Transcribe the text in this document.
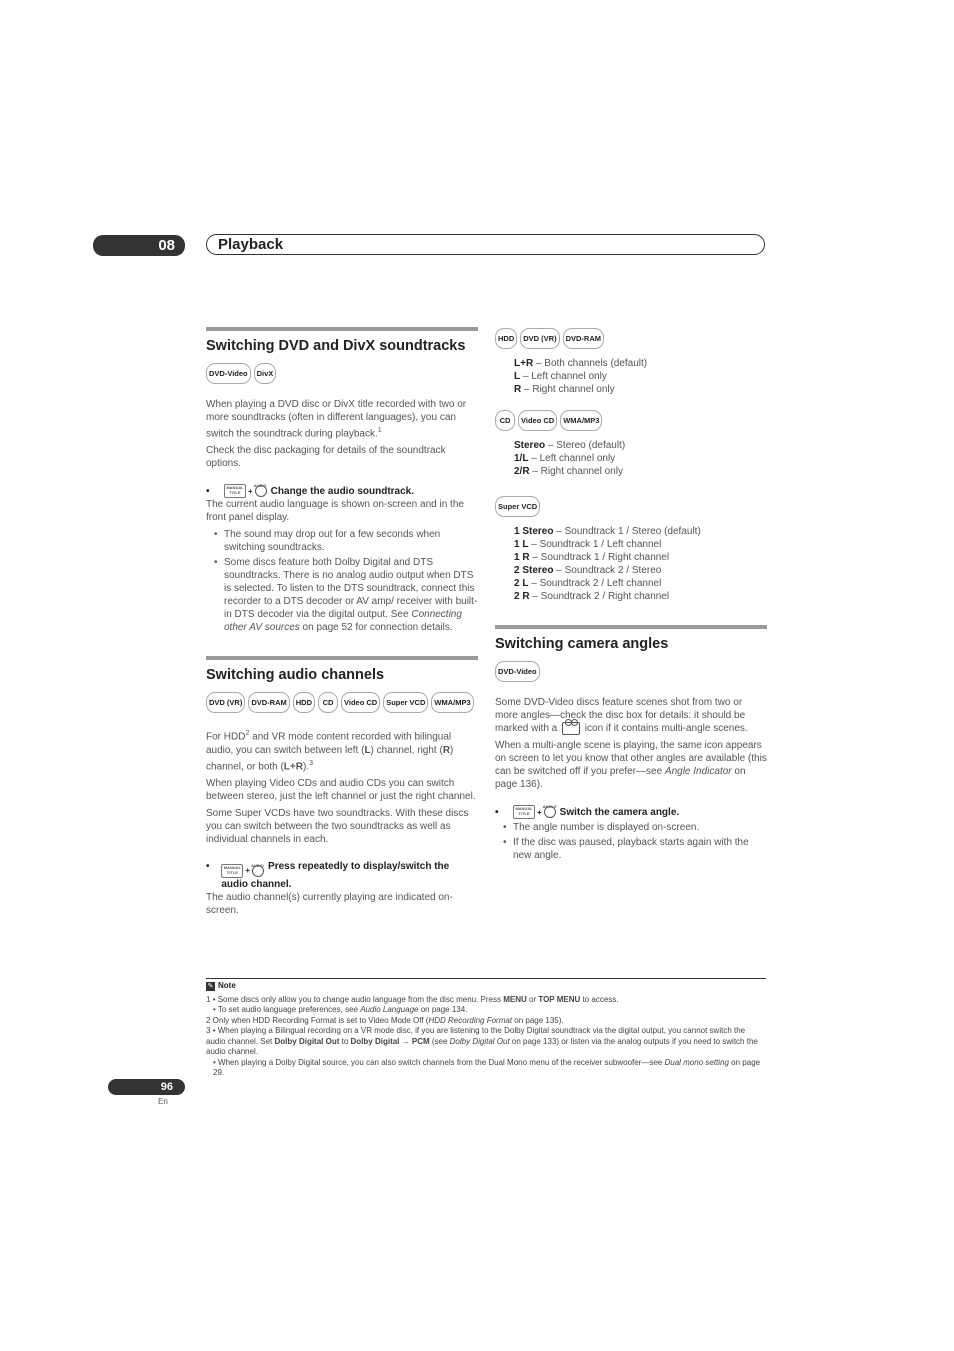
08	Playback
Switching DVD and DivX soundtracks
DVD-Video	DivX

When playing a DVD disc or DivX title recorded with two or more soundtracks (often in different languages), you can switch the soundtrack during playback.$^1$

Check the disc packaging for details of the soundtrack options.

•	MANUAL TITLE +
AUDIO Change the audio soundtrack.

The current audio language is shown on-screen and in the front panel display.

• The sound may drop out for a few seconds when switching soundtracks.
• Some discs feature both Dolby Digital and DTS soundtracks. There is no analog audio output when DTS is selected. To listen to the DTS soundtrack, connect this recorder to a DTS decoder or AV amp/ receiver with built-in DTS decoder via the digital output. See Connecting other AV sources on page 52 for connection details.
Switching audio channels
DVD (VR)	DVD-RAM	HDD	CD	Video CD	Super VCD	WMA/MP3

For HDD$^2$ and VR mode content recorded with bilingual audio, you can switch between left (L) channel, right (R) channel, or both (L+R).$^3$

When playing Video CDs and audio CDs you can switch between stereo, just the left channel or just the right channel.

Some Super VCDs have two soundtracks. With these discs you can switch between the two soundtracks as well as individual channels in each.

•	MANUAL TITLE +
AUDIO Press repeatedly to display/switch the audio channel.

The audio channel(s) currently playing are indicated on-screen.

HDD	DVD (VR)	DVD-RAM
L+R – Both channels (default)
L – Left channel only
R – Right channel only
CD	Video CD	WMA/MP3
Stereo – Stereo (default)
1/L – Left channel only
2/R – Right channel only
Super VCD
1 Stereo – Soundtrack 1 / Stereo (default)
1 L – Soundtrack 1 / Left channel
1 R – Soundtrack 1 / Right channel
2 Stereo – Soundtrack 2 / Stereo
2 L – Soundtrack 2 / Left channel
2 R – Soundtrack 2 / Right channel
Switching camera angles
DVD-Video

Some DVD-Video discs feature scenes shot from two or more angles—check the disc box for details: it should be marked with a  icon if it contains multi-angle scenes.

When a multi-angle scene is playing, the same icon appears on screen to let you know that other angles are available (this can be switched off if you prefer—see Angle Indicator on page 136).

•	MANUAL TITLE +
ANGLE Switch the camera angle.
• The angle number is displayed on-screen.
• If the disc was paused, playback starts again with the new angle.
✎ Note

1 • Some discs only allow you to change audio language from the disc menu. Press MENU or TOP MENU to access.

• To set audio language preferences, see Audio Language on page 134.

2 Only when HDD Recording Format is set to Video Mode Off (HDD Recording Format on page 135).

3 • When playing a Bilingual recording on a VR mode disc, if you are listening to the Dolby Digital soundtrack via the digital output, you cannot switch the audio channel. Set Dolby Digital Out to Dolby Digital → PCM (see Dolby Digital Out on page 133) or listen via the analog outputs if you need to switch the audio channel.

• When playing a Dolby Digital source, you can also switch channels from the Dual Mono menu of the receiver subwoofer—see Dual mono setting on page 29.

96
En
